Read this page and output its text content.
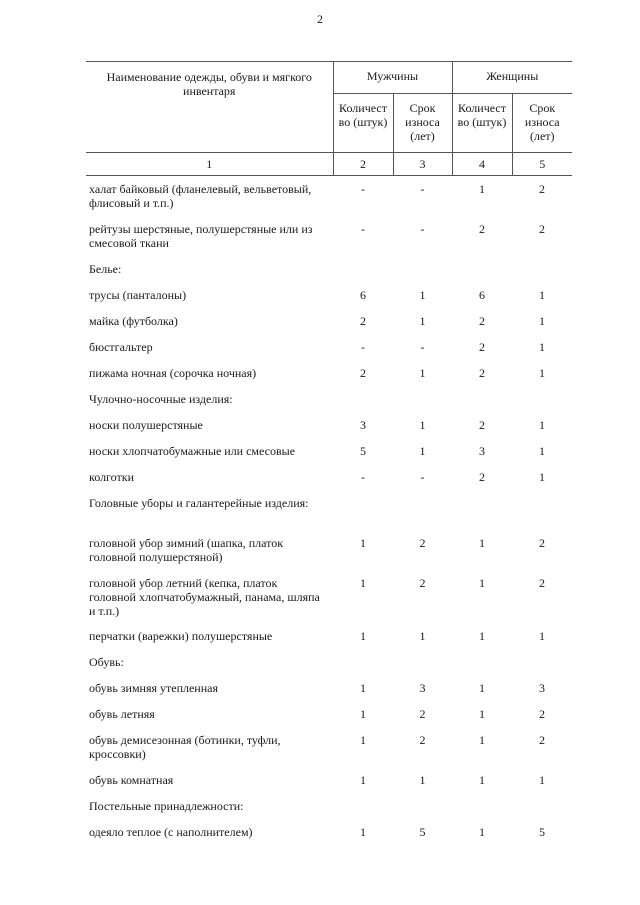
2
Наименование одежды, обуви и мягкого инвентаря	Мужчины		Женщины	
	Количест во (штук)	Срок износа (лет)	Количест во (штук)	Срок износа (лет)
1	2	3	4	5
халат байковый (фланелевый, вельветовый, флисовый и т.п.)	-	-	1	2
рейтузы шерстяные, полушерстяные или из смесовой ткани	-	-	2	2
Белье:				
трусы (панталоны)	6	1	6	1
майка (футболка)	2	1	2	1
бюстгальтер	-	-	2	1
пижама ночная (сорочка ночная)	2	1	2	1
Чулочно-носочные изделия:				
носки полушерстяные	3	1	2	1
носки хлопчатобумажные или смесовые	5	1	3	1
колготки	-	-	2	1
Головные уборы и галантерейные изделия:				
головной убор зимний (шапка, платок головной полушерстяной)	1	2	1	2
головной убор летний (кепка, платок головной хлопчатобумажный, панама, шляпа и т.п.)	1	2	1	2
перчатки (варежки) полушерстяные	1	1	1	1
Обувь:				
обувь зимняя утепленная	1	3	1	3
обувь летняя	1	2	1	2
обувь демисезонная (ботинки, туфли, кроссовки)	1	2	1	2
обувь комнатная	1	1	1	1
Постельные принадлежности:				
одеяло теплое (с наполнителем)	1	5	1	5
